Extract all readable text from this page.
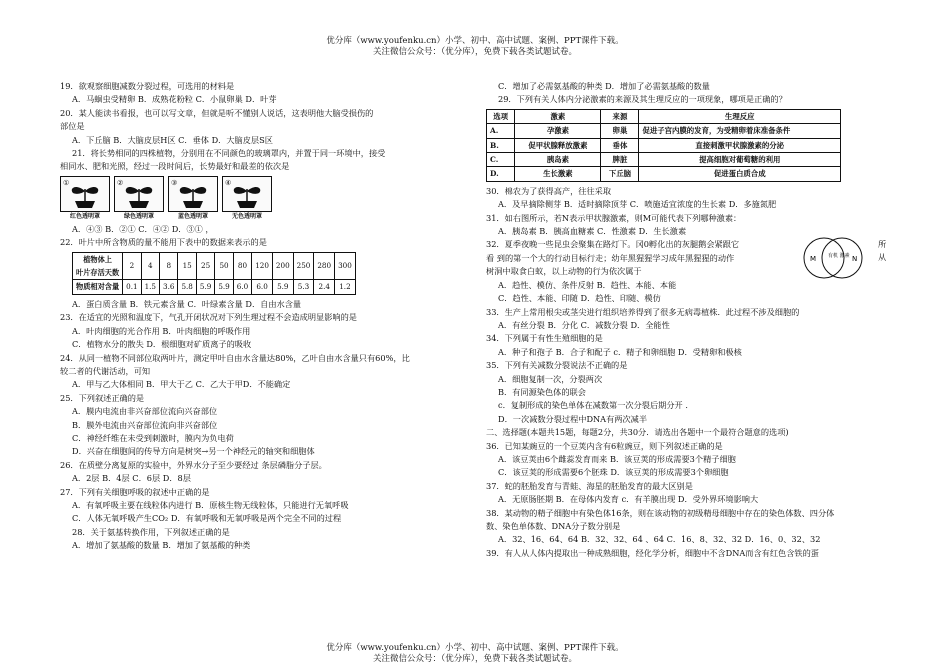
优分库（www.youfenku.cn）小学、初中、高中试题、案例、PPT课件下载。
关注微信公众号：（优分库），免费下载各类试题试卷。
19．欲观察细胞减数分裂过程，可选用的材料是
A．马蛔虫受精卵 B．成熟花粉粒 C．小鼠卵巢 D．叶芽
20．某人能读书看报，也可以写文章，但就是听不懂别人说话，这表明他大脑受损伤的
部位是
A．下丘脑 B．大脑皮层H区 C．垂体 D．大脑皮层S区
21．将长势相同的四株植物，分别用在不同颜色的玻璃罩内，并置于同一环境中，接受
相同水、肥和光照，经过一段时间后，长势最好和最差的依次是
①
红色透明罩
②
绿色透明罩
③
蓝色透明罩
④
无色透明罩
A．④③ B．②① C．④② D．③① ，
22．叶片中所含物质的量不能用下表中的数据来表示的是
植物体上
叶片存活天数	2	4	8	15	25	50	80	120	200	250	280	300
物质相对含量	0.1	1.5	3.6	5.8	5.9	5.9	6.0	6.0	5.9	5.3	2.4	1.2
A．蛋白质含量 B．铁元素含量 C．叶绿素含量 D．自由水含量
23．在适宜的光照和温度下，气孔开闭状况对下列生理过程不会造成明显影响的是
A．叶肉细胞的光合作用 B．叶肉细胞的呼吸作用
C．植物水分的散失 D．根细胞对矿质离子的吸收
24．从同一植物不同部位取两叶片，测定甲叶自由水含量达80%，乙叶自由水含量只有60%，比
较二者的代谢活动，可知
A．甲与乙大体相同 B．甲大于乙 C．乙大于甲D．不能确定
25．下列叙述正确的是
A．膜内电流由非兴奋部位流向兴奋部位
B．膜外电流由兴奋部位流向非兴奋部位
C．神经纤维在未受到刺激时，膜内为负电荷
D．兴奋在细胞间的传导方向是树突→另一个神经元的轴突和细胞体
26．在质壁分离复原的实验中，外界水分子至少要经过 条层磷脂分子层。
A．2层 B．4层 C．6层 D．8层
27．下列有关细胞呼吸的叙述中正确的是
A．有氧呼吸主要在线粒体内进行 B．原核生物无线粒体，只能进行无氧呼吸
C．人体无氧呼吸产生CO₂ D．有氧呼吸和无氧呼吸是两个完全不同的过程
28．关于氨基转换作用，下列叙述正确的是
A．增加了氨基酸的数量 B．增加了氨基酸的种类
C．增加了必需氨基酸的种类 D．增加了必需氨基酸的数量
29．下列有关人体内分泌激素的来源及其生理反应的一项现象，哪项是正确的？
选项	激素	来源	生理反应
A.	孕激素	卵巢	促进子宫内膜的发育，为受精卵着床准备条件
B.	促甲状腺释放激素	垂体	直接刺激甲状腺激素的分泌
C.	胰岛素	脾脏	提高细胞对葡萄糖的利用
D.	生长激素	下丘脑	促进蛋白质合成
30．棉农为了获得高产，往往采取
A．及早摘除侧芽 B．适时摘除顶芽 C．喷施适宜浓度的生长素 D．多施氮肥
31．如右图所示，若N表示甲状腺激素，则M可能代表下列哪种激素：
A．胰岛素 B．胰高血糖素 C．性激素 D．生长激素
32．夏季夜晚一些昆虫会聚集在路灯下。冈0孵化出的灰腿鹅会紧跟它
看 到的第一个大的行动目标行走；幼年黑猩猩学习成年黑猩猩的动作
树洞中取食白蚁，以上动物的行为依次属于
所
从
M	N
有机 激素
A．趋性、模仿、条件反射 B．趋性、本能、本能
C．趋性、本能、印随 D．趋性、印随、模仿
33．生产上常用根尖或茎尖进行组织培养得到了很多无病毒植株．此过程不涉及细胞的
A．有丝分裂 B．分化 C．减数分裂 D．全能性
34．下列属于有性生殖细胞的是
A．种子和孢子 B．合子和配子 c．精子和卵细胞 D．受精卵和极核
35．下列有关减数分裂说法不正确的是
A．细胞复制一次，分裂两次
B．有同源染色体的联会
c．复制形成的染色单体在减数第一次分裂后期分开 ．
D．一次减数分裂过程中DNA有两次减半
二、选择题(本题共15题，每题2分，共30分．请选出各题中一个最符合题意的选项)
36．已知某豌豆的一个豆荚内含有6粒豌豆，则下列叙述正确的是
A．该豆荚由6个雌蕊发育而来 B．该豆荚的形成需要3个精子细胞
C．该豆荚的形成需要6个胚珠 D．该豆荚的形成需要3个卵细胞
37．蛇的胚胎发育与青蛙、海星的胚胎发育的最大区别是
A．无原肠胚期 B．在母体内发育 c．有羊膜出现 D．受外界环境影响大
38．某动物的精子细胞中有染色体16条，则在该动物的初级精母细胞中存在的染色体数、四分体
数、染色单体数、DNA分子数分别是
A．32、16、64、64 B．32、32、64 、64 C．16、8、32、32 D．16、0、32、32
39．有人从人体内提取出一种成熟细胞，经化学分析，细胞中不含DNA而含有红色含铁的蛋
优分库（www.youfenku.cn）小学、初中、高中试题、案例、PPT课件下载。
关注微信公众号：（优分库），免费下载各类试题试卷。
